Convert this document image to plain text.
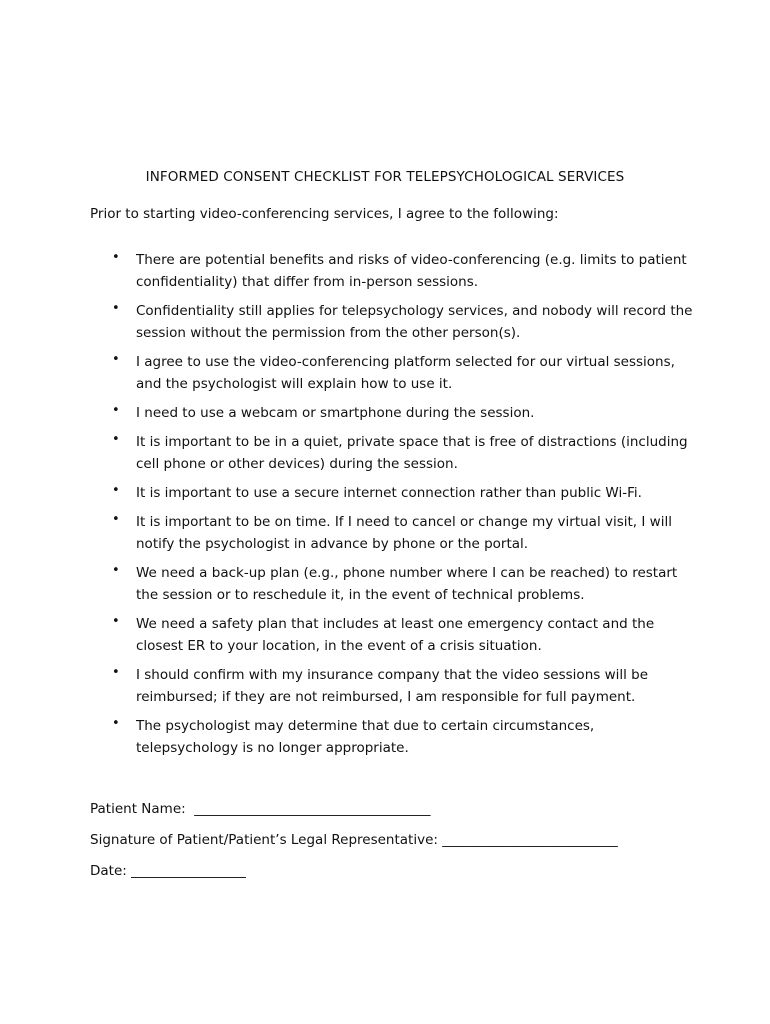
INFORMED CONSENT CHECKLIST FOR TELEPSYCHOLOGICAL SERVICES

Prior to starting video-conferencing services, I agree to the following:

• There are potential benefits and risks of video-conferencing (e.g. limits to patient confidentiality) that differ from in-person sessions.
• Confidentiality still applies for telepsychology services, and nobody will record the session without the permission from the other person(s).
• I agree to use the video-conferencing platform selected for our virtual sessions, and the psychologist will explain how to use it.
• I need to use a webcam or smartphone during the session.
• It is important to be in a quiet, private space that is free of distractions (including cell phone or other devices) during the session.
• It is important to use a secure internet connection rather than public Wi-Fi.
• It is important to be on time. If I need to cancel or change my virtual visit, I will notify the psychologist in advance by phone or the portal.
• We need a back-up plan (e.g., phone number where I can be reached) to restart the session or to reschedule it, in the event of technical problems.
• We need a safety plan that includes at least one emergency contact and the closest ER to your location, in the event of a crisis situation.
• I should confirm with my insurance company that the video sessions will be reimbursed; if they are not reimbursed, I am responsible for full payment.
• The psychologist may determine that due to certain circumstances, telepsychology is no longer appropriate.
Patient Name:  ___________________________________
Signature of Patient/Patient’s Legal Representative: __________________________
Date: _________________
